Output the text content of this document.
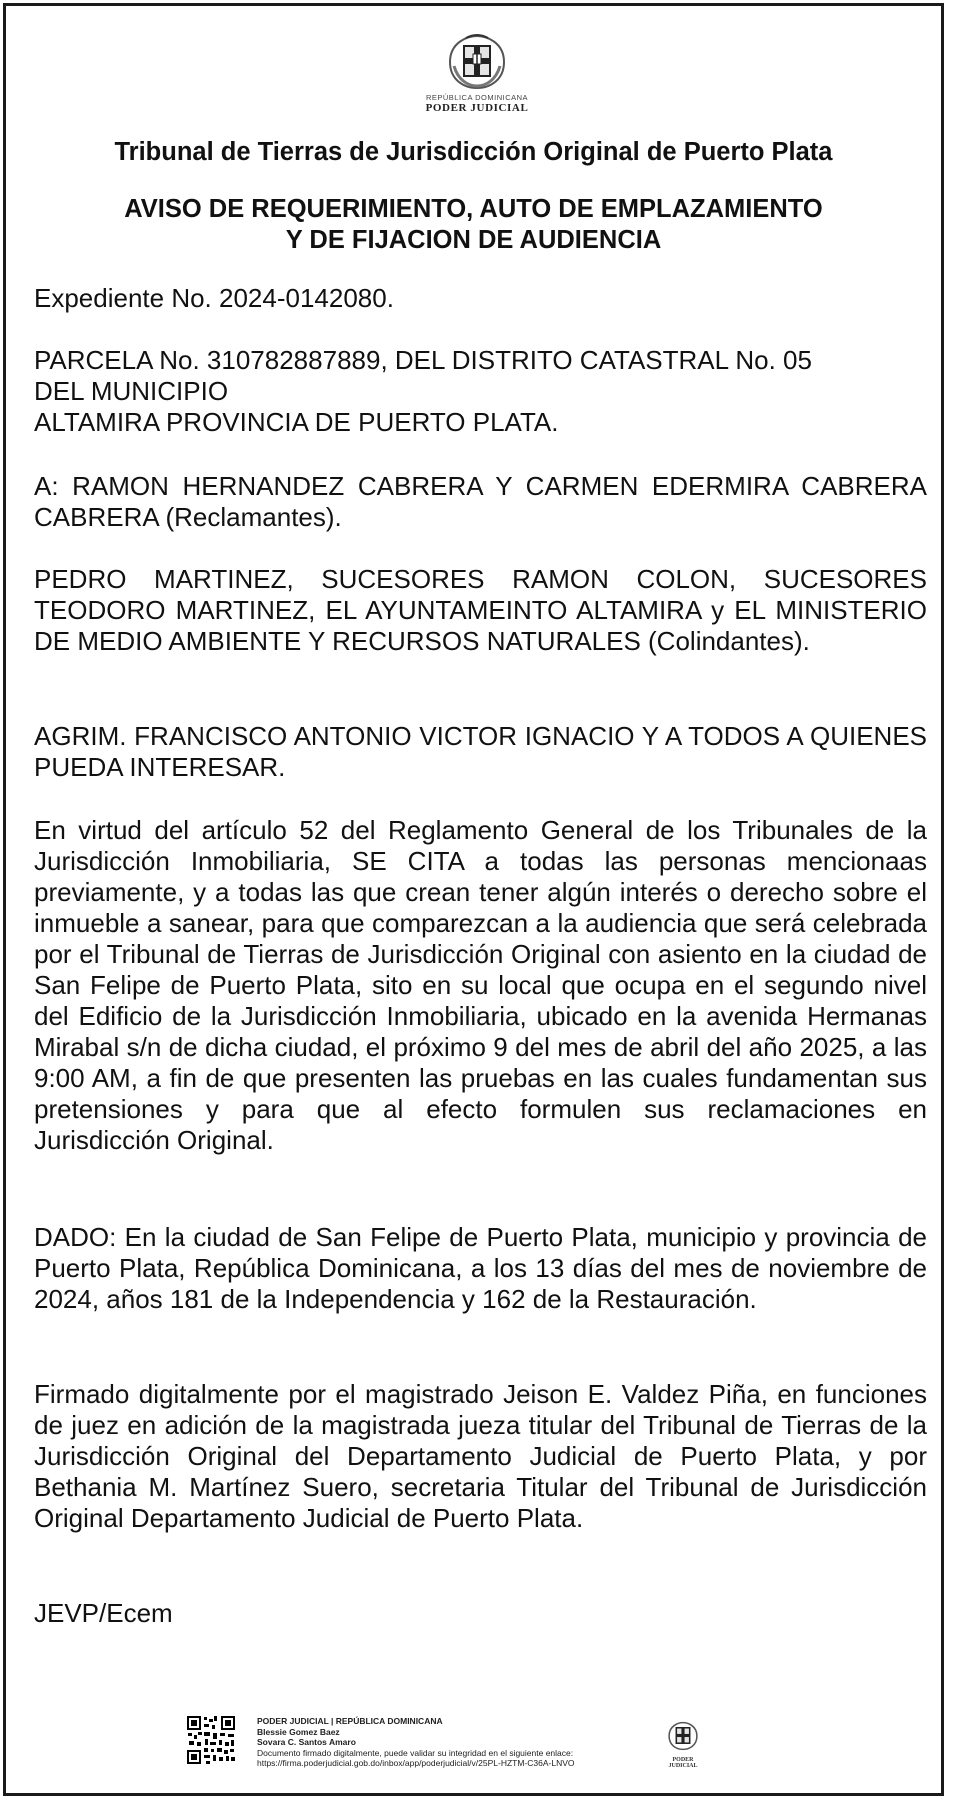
REPÚBLICA DOMINICANA
PODER JUDICIAL
Tribunal de Tierras de Jurisdicción Original de Puerto Plata
AVISO DE REQUERIMIENTO, AUTO DE EMPLAZAMIENTO
Y DE FIJACION DE AUDIENCIA

Expediente No. 2024-0142080.

PARCELA No. 310782887889, DEL DISTRITO CATASTRAL No. 05

DEL MUNICIPIO

ALTAMIRA PROVINCIA DE PUERTO PLATA.

A: RAMON HERNANDEZ CABRERA Y CARMEN EDERMIRA CABRERA CABRERA (Reclamantes).

PEDRO MARTINEZ, SUCESORES RAMON COLON, SUCESORES TEODORO MARTINEZ, EL AYUNTAMEINTO ALTAMIRA y EL MINISTERIO DE MEDIO AMBIENTE Y RECURSOS NATURALES (Colindantes).

AGRIM. FRANCISCO ANTONIO VICTOR IGNACIO Y A TODOS A QUIENES PUEDA INTERESAR.

En virtud del artículo 52 del Reglamento General de los Tribunales de la Jurisdicción Inmobiliaria, SE CITA a todas las personas mencionaas previamente, y a todas las que crean tener algún interés o derecho sobre el inmueble a sanear, para que comparezcan a la audiencia que será celebrada por el Tribunal de Tierras de Jurisdicción Original con asiento en la ciudad de San Felipe de Puerto Plata, sito en su local que ocupa en el segundo nivel del Edificio de la Jurisdicción Inmobiliaria, ubicado en la avenida Hermanas Mirabal s/n de dicha ciudad, el próximo 9 del mes de abril del año 2025, a las 9:00 AM, a fin de que presenten las pruebas en las cuales fundamentan sus pretensiones y para que al efecto formulen sus reclamaciones en Jurisdicción Original.

DADO: En la ciudad de San Felipe de Puerto Plata, municipio y provincia de Puerto Plata, República Dominicana, a los 13 días del mes de noviembre de 2024, años 181 de la Independencia y 162 de la Restauración.

Firmado digitalmente por el magistrado Jeison E. Valdez Piña, en funciones de juez en adición de la magistrada jueza titular del Tribunal de Tierras de la Jurisdicción Original del Departamento Judicial de Puerto Plata, y por Bethania M. Martínez Suero, secretaria Titular del Tribunal de Jurisdicción Original Departamento Judicial de Puerto Plata.

JEVP/Ecem

PODER JUDICIAL | REPÚBLICA DOMINICANA
Blessie Gomez Baez
Sovara C. Santos Amaro
Documento firmado digitalmente, puede validar su integridad en el siguiente enlace:
https://firma.poderjudicial.gob.do/inbox/app/poderjudicial/v/25PL-HZTM-C36A-LNVO	PODER JUDICIAL
